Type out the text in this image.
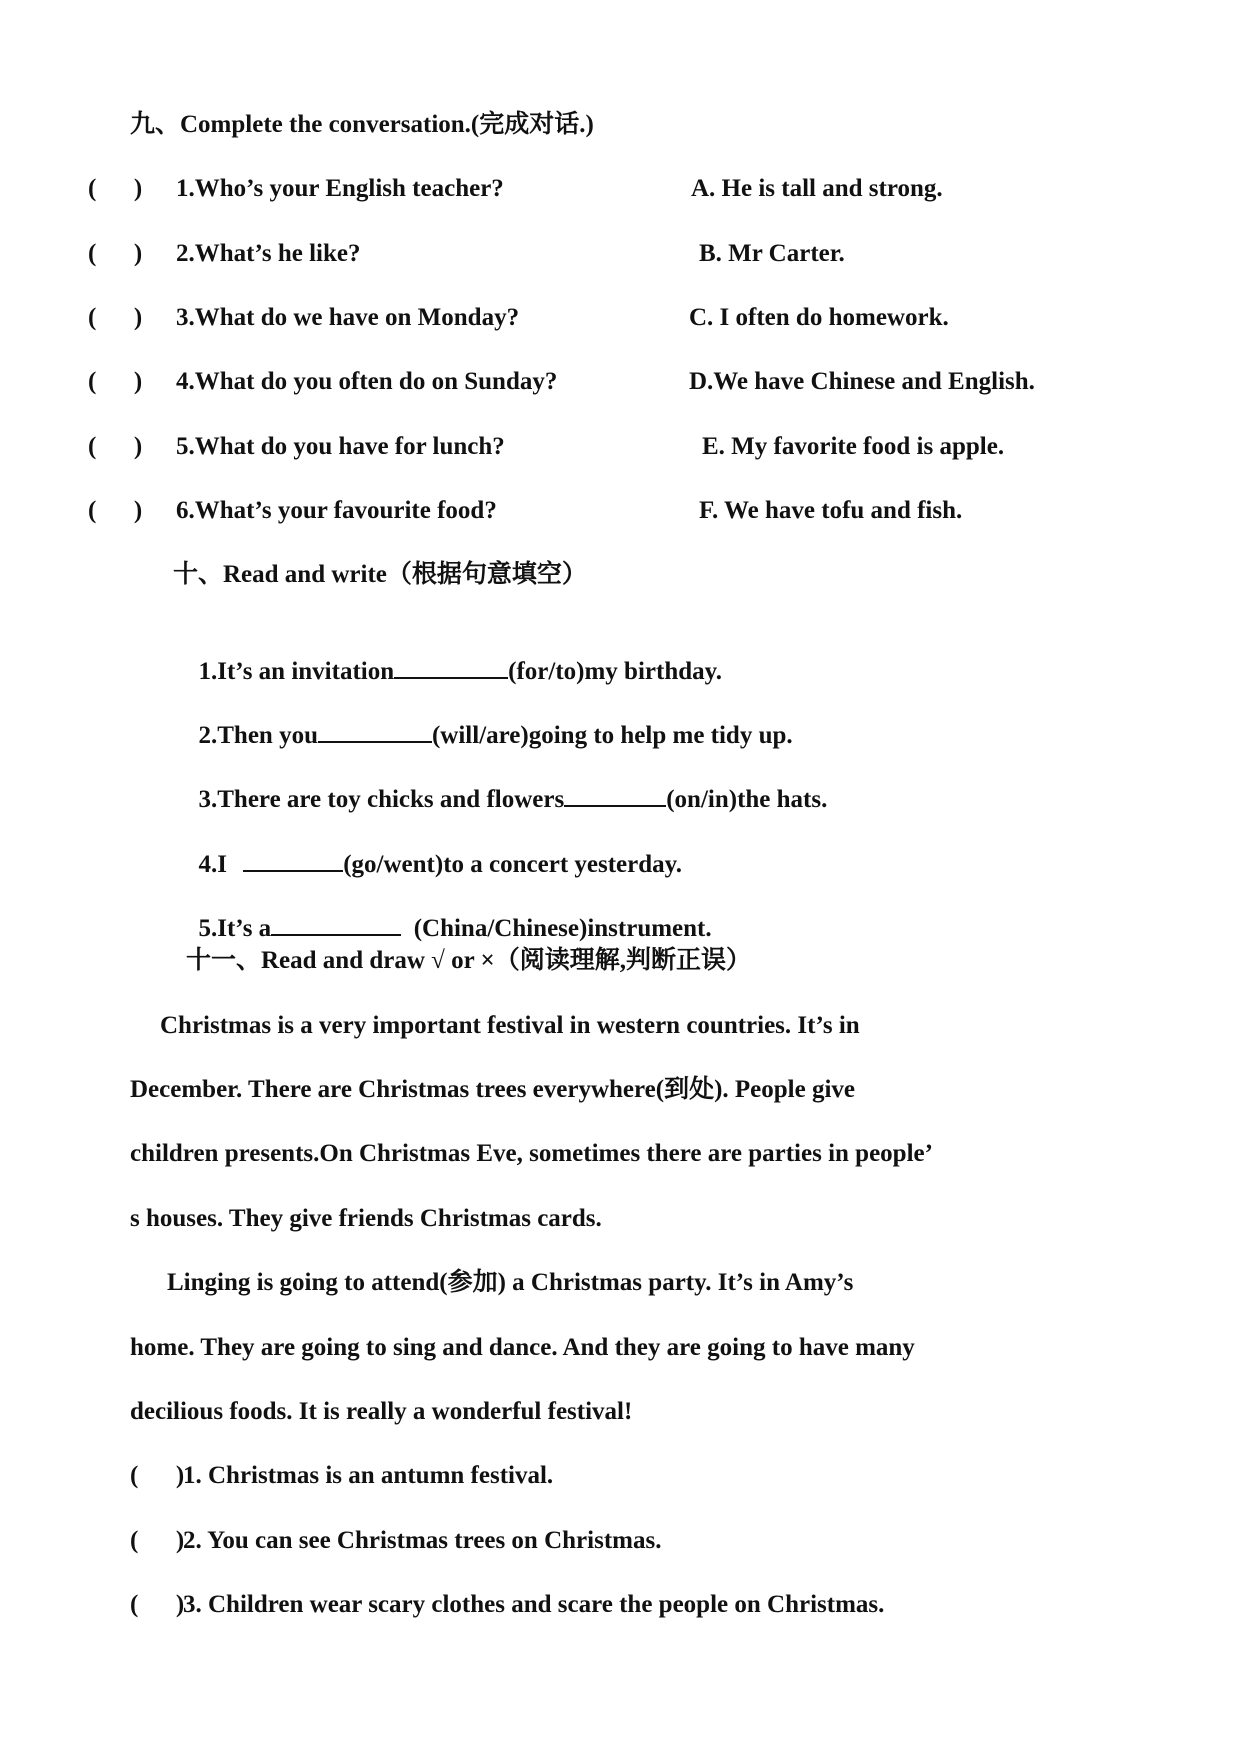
九、Complete the conversation.(完成对话.)
(      ) 1.Who’s your English teacher?	A. He is tall and strong.
(      ) 2.What’s he like?	B. Mr Carter.
(      ) 3.What do we have on Monday?	C. I often do homework.
(      ) 4.What do you often do on Sunday?	D.We have Chinese and English.
(      ) 5.What do you have for lunch?	E. My favorite food is apple.
(      ) 6.What’s your favourite food?	F. We have tofu and fish.
十、Read and write（根据句意填空）

1.It’s an invitation	(for/to)my birthday.

2.Then you	(will/are)going to help me tidy up.

3.There are toy chicks and flowers	(on/in)the hats.

4.I	(go/went)to a concert yesterday.

5.It’s a	(China/Chinese)instrument.

十一、Read and draw √ or ×（阅读理解,判断正误）
Christmas is a very important festival in western countries. It’s in
December. There are Christmas trees everywhere(到处). People give
children presents.On Christmas Eve, sometimes there are parties in people’
s houses. They give friends Christmas cards.
Linging is going to attend(参加) a Christmas party. It’s in Amy’s
home. They are going to sing and dance. And they are going to have many
decilious foods. It is really a wonderful festival!
(      )
1. Christmas is an antumn festival.
(      )
2. You can see Christmas trees on Christmas.
(      )
3. Children wear scary clothes and scare the people on Christmas.
